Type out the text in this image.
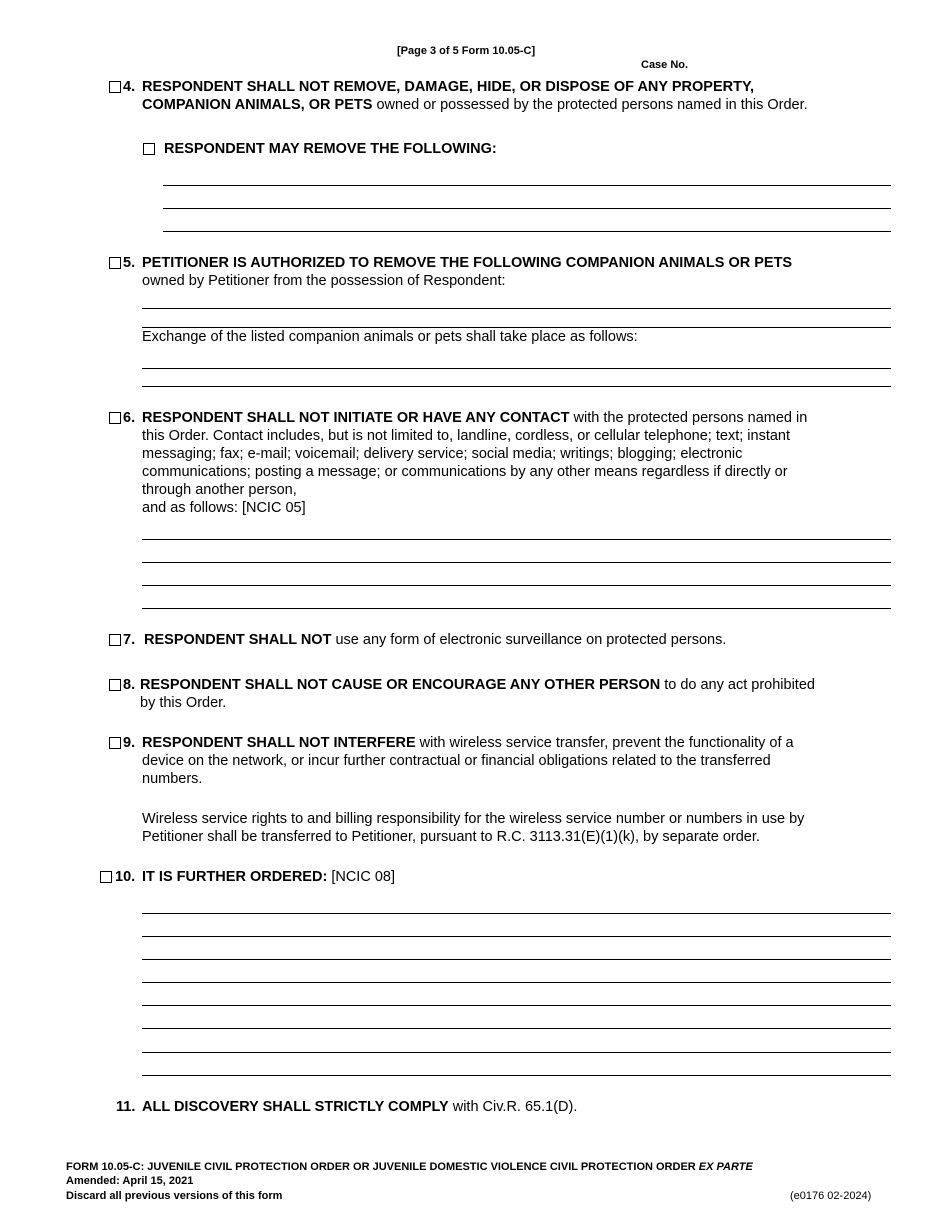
[Page 3 of 5 Form 10.05-C]
Case No.
4. RESPONDENT SHALL NOT REMOVE, DAMAGE, HIDE, OR DISPOSE OF ANY PROPERTY,
COMPANION ANIMALS, OR PETS owned or possessed by the protected persons named in this Order.
RESPONDENT MAY REMOVE THE FOLLOWING:
5. PETITIONER IS AUTHORIZED TO REMOVE THE FOLLOWING COMPANION ANIMALS OR PETS
owned by Petitioner from the possession of Respondent:
Exchange of the listed companion animals or pets shall take place as follows:
6. RESPONDENT SHALL NOT INITIATE OR HAVE ANY CONTACT with the protected persons named in
this Order. Contact includes, but is not limited to, landline, cordless, or cellular telephone; text; instant
messaging; fax; e-mail; voicemail; delivery service; social media; writings; blogging; electronic
communications; posting a message; or communications by any other means regardless if directly or
through another person,
and as follows: [NCIC 05]
7. RESPONDENT SHALL NOT use any form of electronic surveillance on protected persons.
8. RESPONDENT SHALL NOT CAUSE OR ENCOURAGE ANY OTHER PERSON to do any act prohibited
by this Order.
9. RESPONDENT SHALL NOT INTERFERE with wireless service transfer, prevent the functionality of a
device on the network, or incur further contractual or financial obligations related to the transferred
numbers.
Wireless service rights to and billing responsibility for the wireless service number or numbers in use by
Petitioner shall be transferred to Petitioner, pursuant to R.C. 3113.31(E)(1)(k), by separate order.
10. IT IS FURTHER ORDERED: [NCIC 08]
11. ALL DISCOVERY SHALL STRICTLY COMPLY with Civ.R. 65.1(D).
FORM 10.05-C: JUVENILE CIVIL PROTECTION ORDER OR JUVENILE DOMESTIC VIOLENCE CIVIL PROTECTION ORDER EX PARTE
Amended: April 15, 2021
Discard all previous versions of this form	(e0176 02-2024)
